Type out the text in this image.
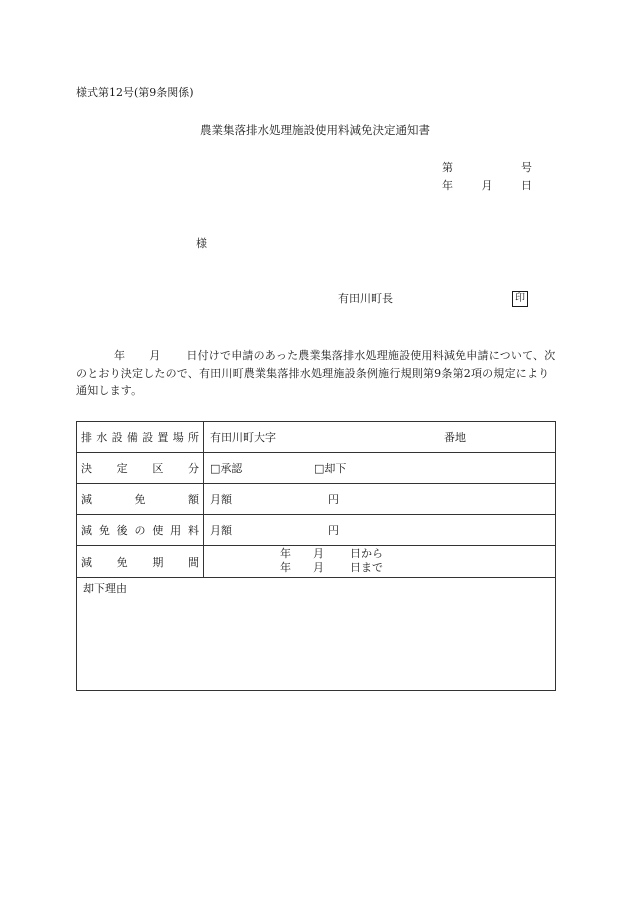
様式第12号(第9条関係)
農業集落排水処理施設使用料減免決定通知書
第	号
年	月	日
様
有田川町長	印
年 月 日付けで申請のあった農業集落排水処理施設使用料減免申請について、次のとおり決定したので、有田川町農業集落排水処理施設条例施行規則第9条第2項の規定により通知します。
排水設備設置場所 有田川町大字	番地
決定区分 □承認	□却下
減免額 月額	円
減免後の使用料 月額	円
減免期間
年 月 日から
年 月 日まで
却下理由
